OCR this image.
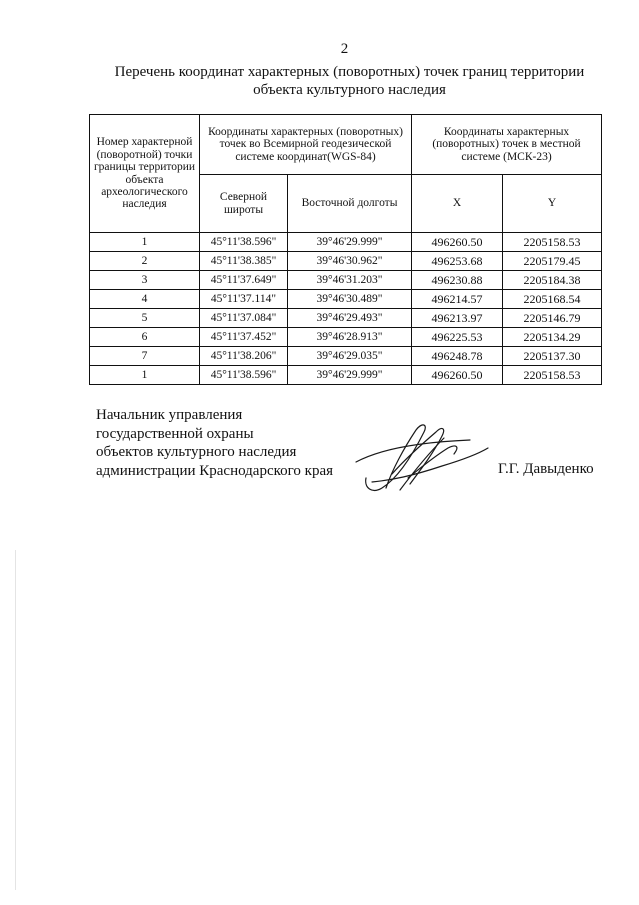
2
Перечень координат характерных (поворотных) точек границ территории
объекта культурного наследия
Номер характерной (поворотной) точки границы территории объекта археологического наследия	Координаты характерных (поворотных) точек во Всемирной геодезической системе координат(WGS-84)		Координаты характерных (поворотных) точек в местной системе (МСК-23)	
	Северной широты	Восточной долготы	X	Y
1	45°11'38.596"	39°46'29.999"	496260.50	2205158.53
2	45°11'38.385"	39°46'30.962"	496253.68	2205179.45
3	45°11'37.649"	39°46'31.203"	496230.88	2205184.38
4	45°11'37.114"	39°46'30.489"	496214.57	2205168.54
5	45°11'37.084"	39°46'29.493"	496213.97	2205146.79
6	45°11'37.452"	39°46'28.913"	496225.53	2205134.29
7	45°11'38.206"	39°46'29.035"	496248.78	2205137.30
1	45°11'38.596"	39°46'29.999"	496260.50	2205158.53
Начальник управления
государственной охраны
объектов культурного наследия
администрации Краснодарского края	Г.Г. Давыденко
